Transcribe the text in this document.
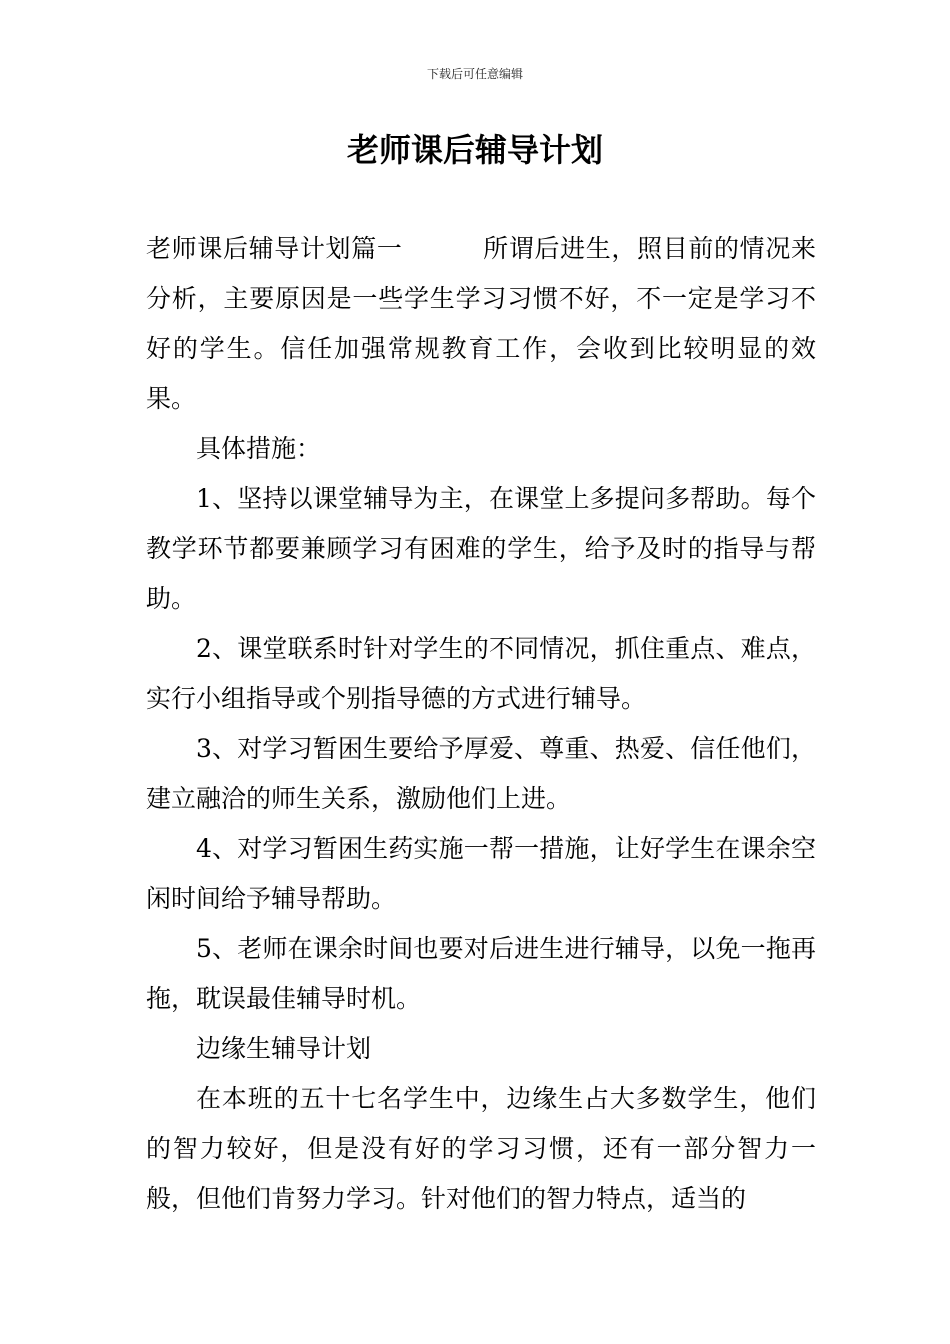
下载后可任意编辑
老师课后辅导计划

老师课后辅导计划篇一	所谓后进生，照目前的情况来分析，主要原因是一些学生学习习惯不好，不一定是学习不好的学生。信任加强常规教育工作，会收到比较明显的效果。

具体措施：

1、坚持以课堂辅导为主，在课堂上多提问多帮助。每个教学环节都要兼顾学习有困难的学生，给予及时的指导与帮助。

2、课堂联系时针对学生的不同情况，抓住重点、难点，实行小组指导或个别指导德的方式进行辅导。

3、对学习暂困生要给予厚爱、尊重、热爱、信任他们，建立融洽的师生关系，激励他们上进。

4、对学习暂困生药实施一帮一措施，让好学生在课余空闲时间给予辅导帮助。

5、老师在课余时间也要对后进生进行辅导，以免一拖再拖，耽误最佳辅导时机。

边缘生辅导计划

在本班的五十七名学生中，边缘生占大多数学生，他们的智力较好，但是没有好的学习习惯，还有一部分智力一般，但他们肯努力学习。针对他们的智力特点，适当的
